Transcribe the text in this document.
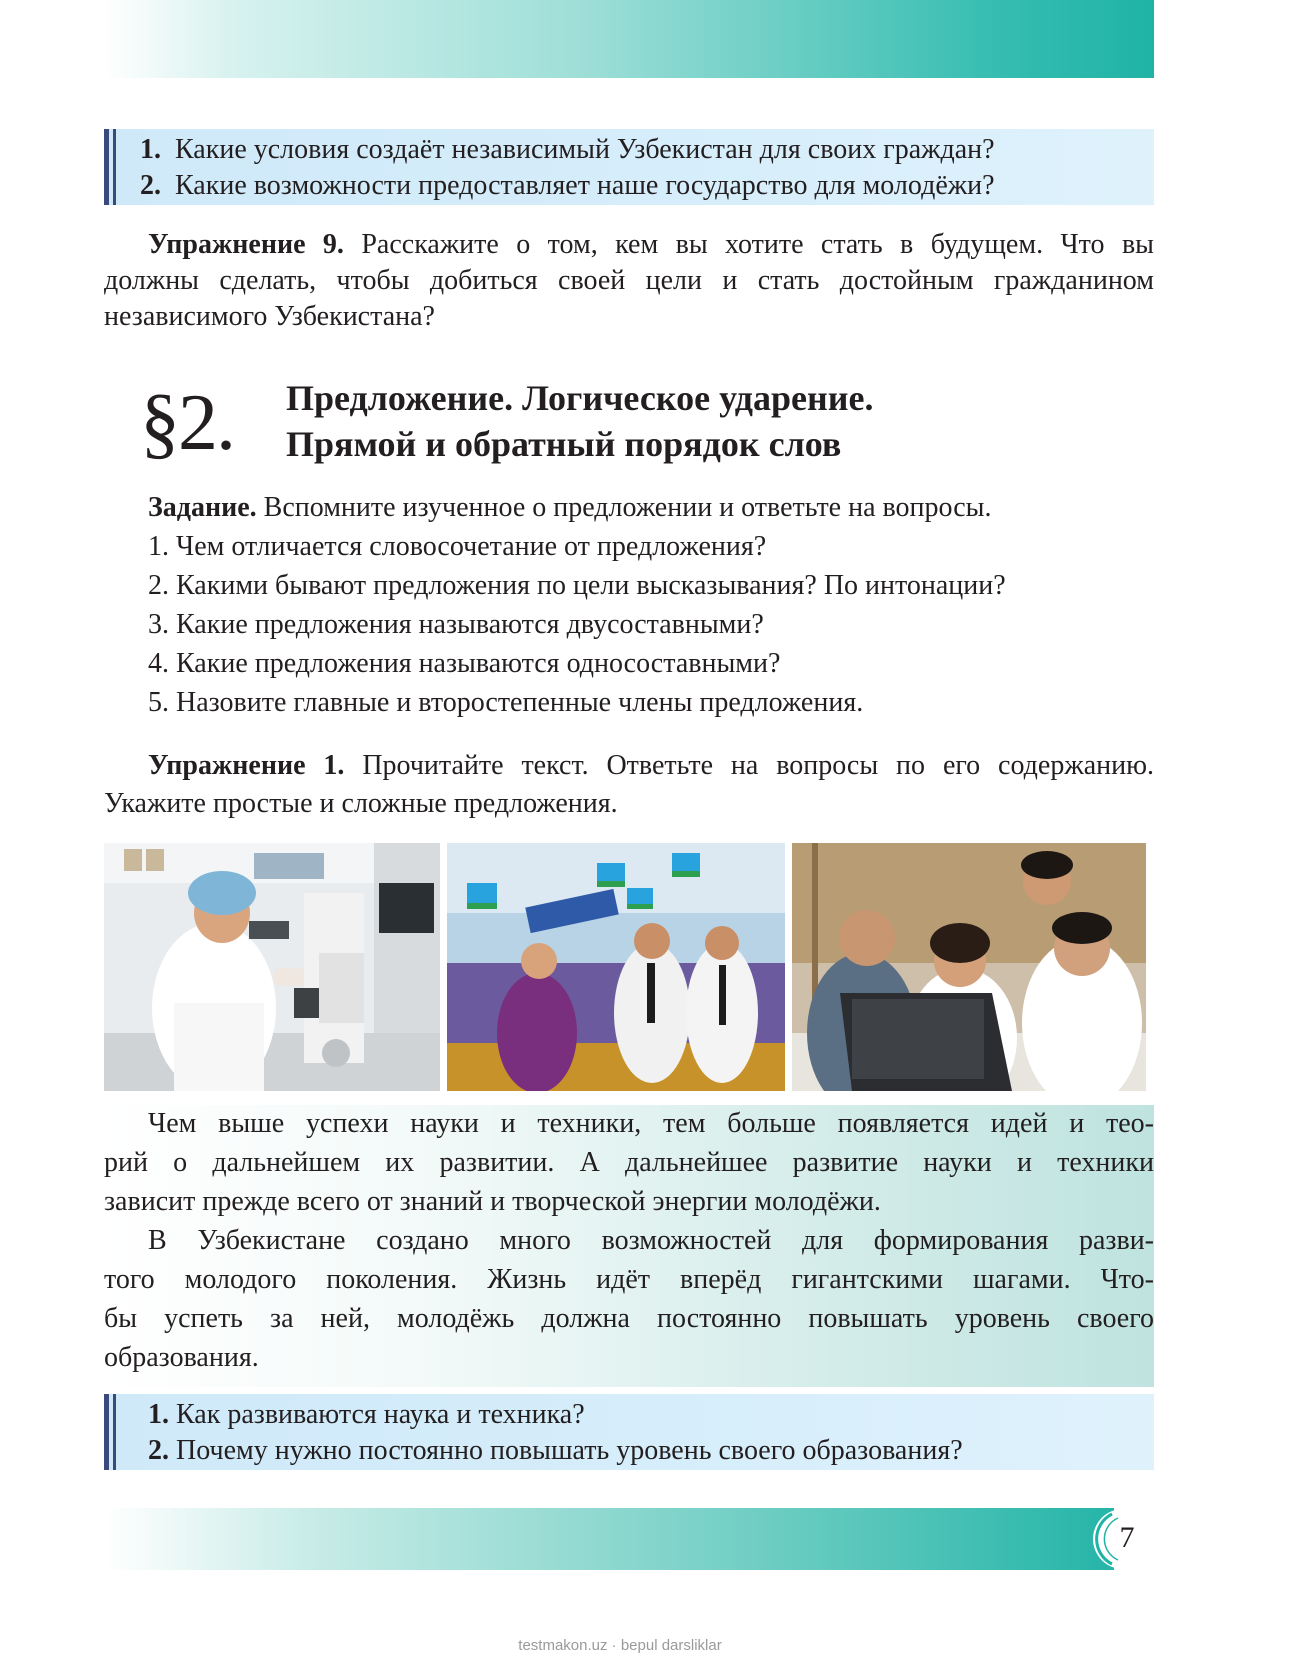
1. Какие условия создаёт независимый Узбекистан для своих граждан?
2. Какие возможности предоставляет наше государство для молодёжи?
Упражнение 9. Расскажите о том, кем вы хотите стать в будущем. Что вы
должны сделать, чтобы добиться своей цели и стать достойным гражданином
независимого Узбекистана?
§2. Предложение. Логическое ударение.
Прямой и обратный порядок слов
Задание. Вспомните изученное о предложении и ответьте на вопросы.
1. Чем отличается словосочетание от предложения?
2. Какими бывают предложения по цели высказывания? По интонации?
3. Какие предложения называются двусоставными?
4. Какие предложения называются односоставными?
5. Назовите главные и второстепенные члены предложения.
Упражнение 1. Прочитайте текст. Ответьте на вопросы по его содержанию.
Укажите простые и сложные предложения.
Чем выше успехи науки и техники, тем больше появляется идей и тео-
рий о дальнейшем их развитии. А дальнейшее развитие науки и техники
зависит прежде всего от знаний и творческой энергии молодёжи.
В Узбекистане создано много возможностей для формирования разви-
того молодого поколения. Жизнь идёт вперёд гигантскими шагами. Что-
бы успеть за ней, молодёжь должна постоянно повышать уровень своего
образования.
1. Как развиваются наука и техника?
2. Почему нужно постоянно повышать уровень своего образования?
7
testmakon.uz · bepul darsliklar
